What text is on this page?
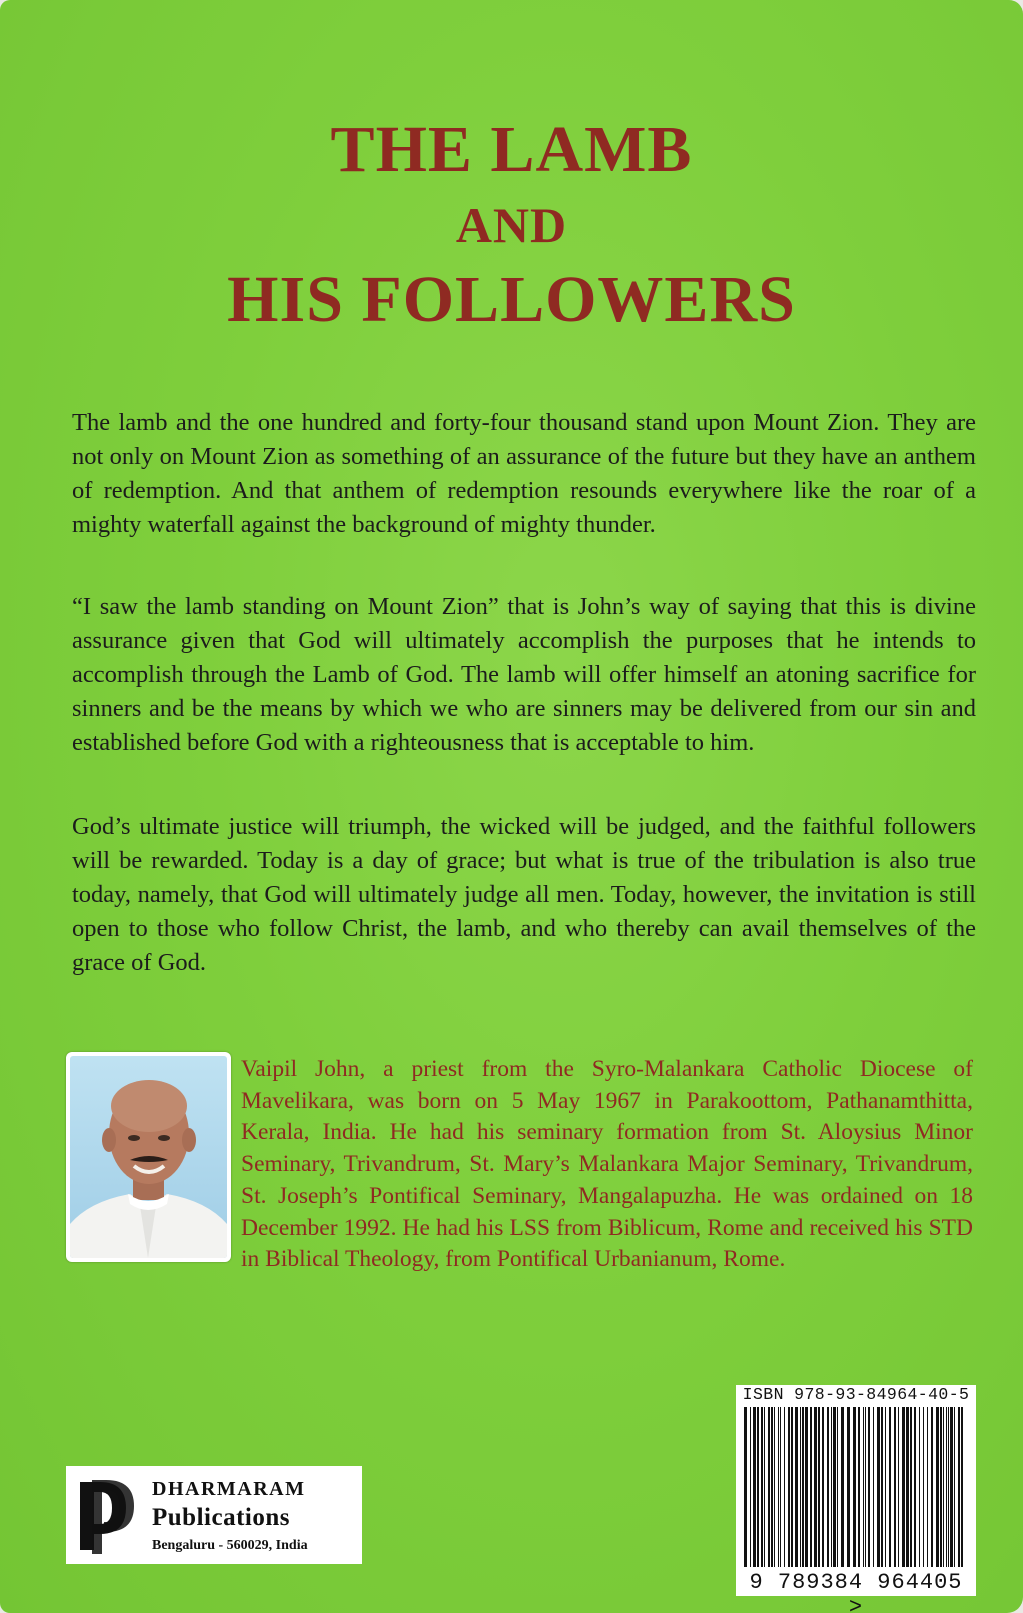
THE LAMB
AND
HIS FOLLOWERS

The lamb and the one hundred and forty-four thousand stand upon Mount Zion. They are not only on Mount Zion as something of an assurance of the future but they have an anthem of redemption. And that anthem of redemption resounds everywhere like the roar of a mighty waterfall against the background of mighty thunder.

“I saw the lamb standing on Mount Zion” that is John’s way of saying that this is divine assurance given that God will ultimately accomplish the purposes that he intends to accomplish through the Lamb of God. The lamb will offer himself an atoning sacrifice for sinners and be the means by which we who are sinners may be delivered from our sin and established before God with a righteousness that is acceptable to him.

God’s ultimate justice will triumph, the wicked will be judged, and the faithful followers will be rewarded. Today is a day of grace; but what is true of the tribulation is also true today, namely, that God will ultimately judge all men. Today, however, the invitation is still open to those who follow Christ, the lamb, and who thereby can avail themselves of the grace of God.

Vaipil John, a priest from the Syro-Malankara Catholic Diocese of Mavelikara, was born on 5 May 1967 in Parakoottom, Pathanamthitta, Kerala, India. He had his seminary formation from St. Aloysius Minor Seminary, Trivandrum, St. Mary’s Malankara Major Seminary, Trivandrum, St. Joseph’s Pontifical Seminary, Mangalapuzha. He was ordained on 18 December 1992. He had his LSS from Biblicum, Rome and received his STD in Biblical Theology, from Pontifical Urbanianum, Rome.

ISBN 978-93-84964-40-5
9 789384 964405 >
DHARMARAM
Publications
Bengaluru - 560029, India
